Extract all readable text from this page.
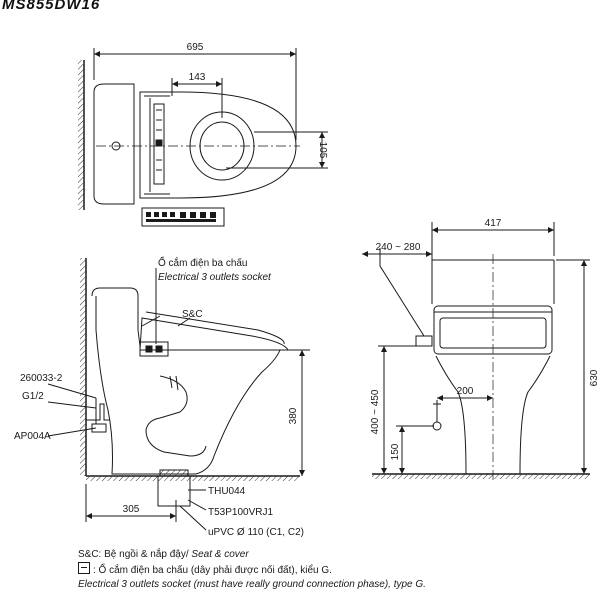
MS855DW16
695
143
105
380
305
S&C
260033-2
G1/2
AP004A
THU044
T53P100VRJ1
uPVC Ø 110 (C1, C2)
Ổ cắm điện ba chấu
Electrical 3 outlets socket
417
240 ~ 280
200
630
400 ~ 450
150
S&C: Bệ ngồi & nắp đậy/ Seat & cover
: Ổ cắm điện ba chấu (dây phải được nối đất), kiểu G.
Electrical 3 outlets socket (must have really ground connection phase), type G.
